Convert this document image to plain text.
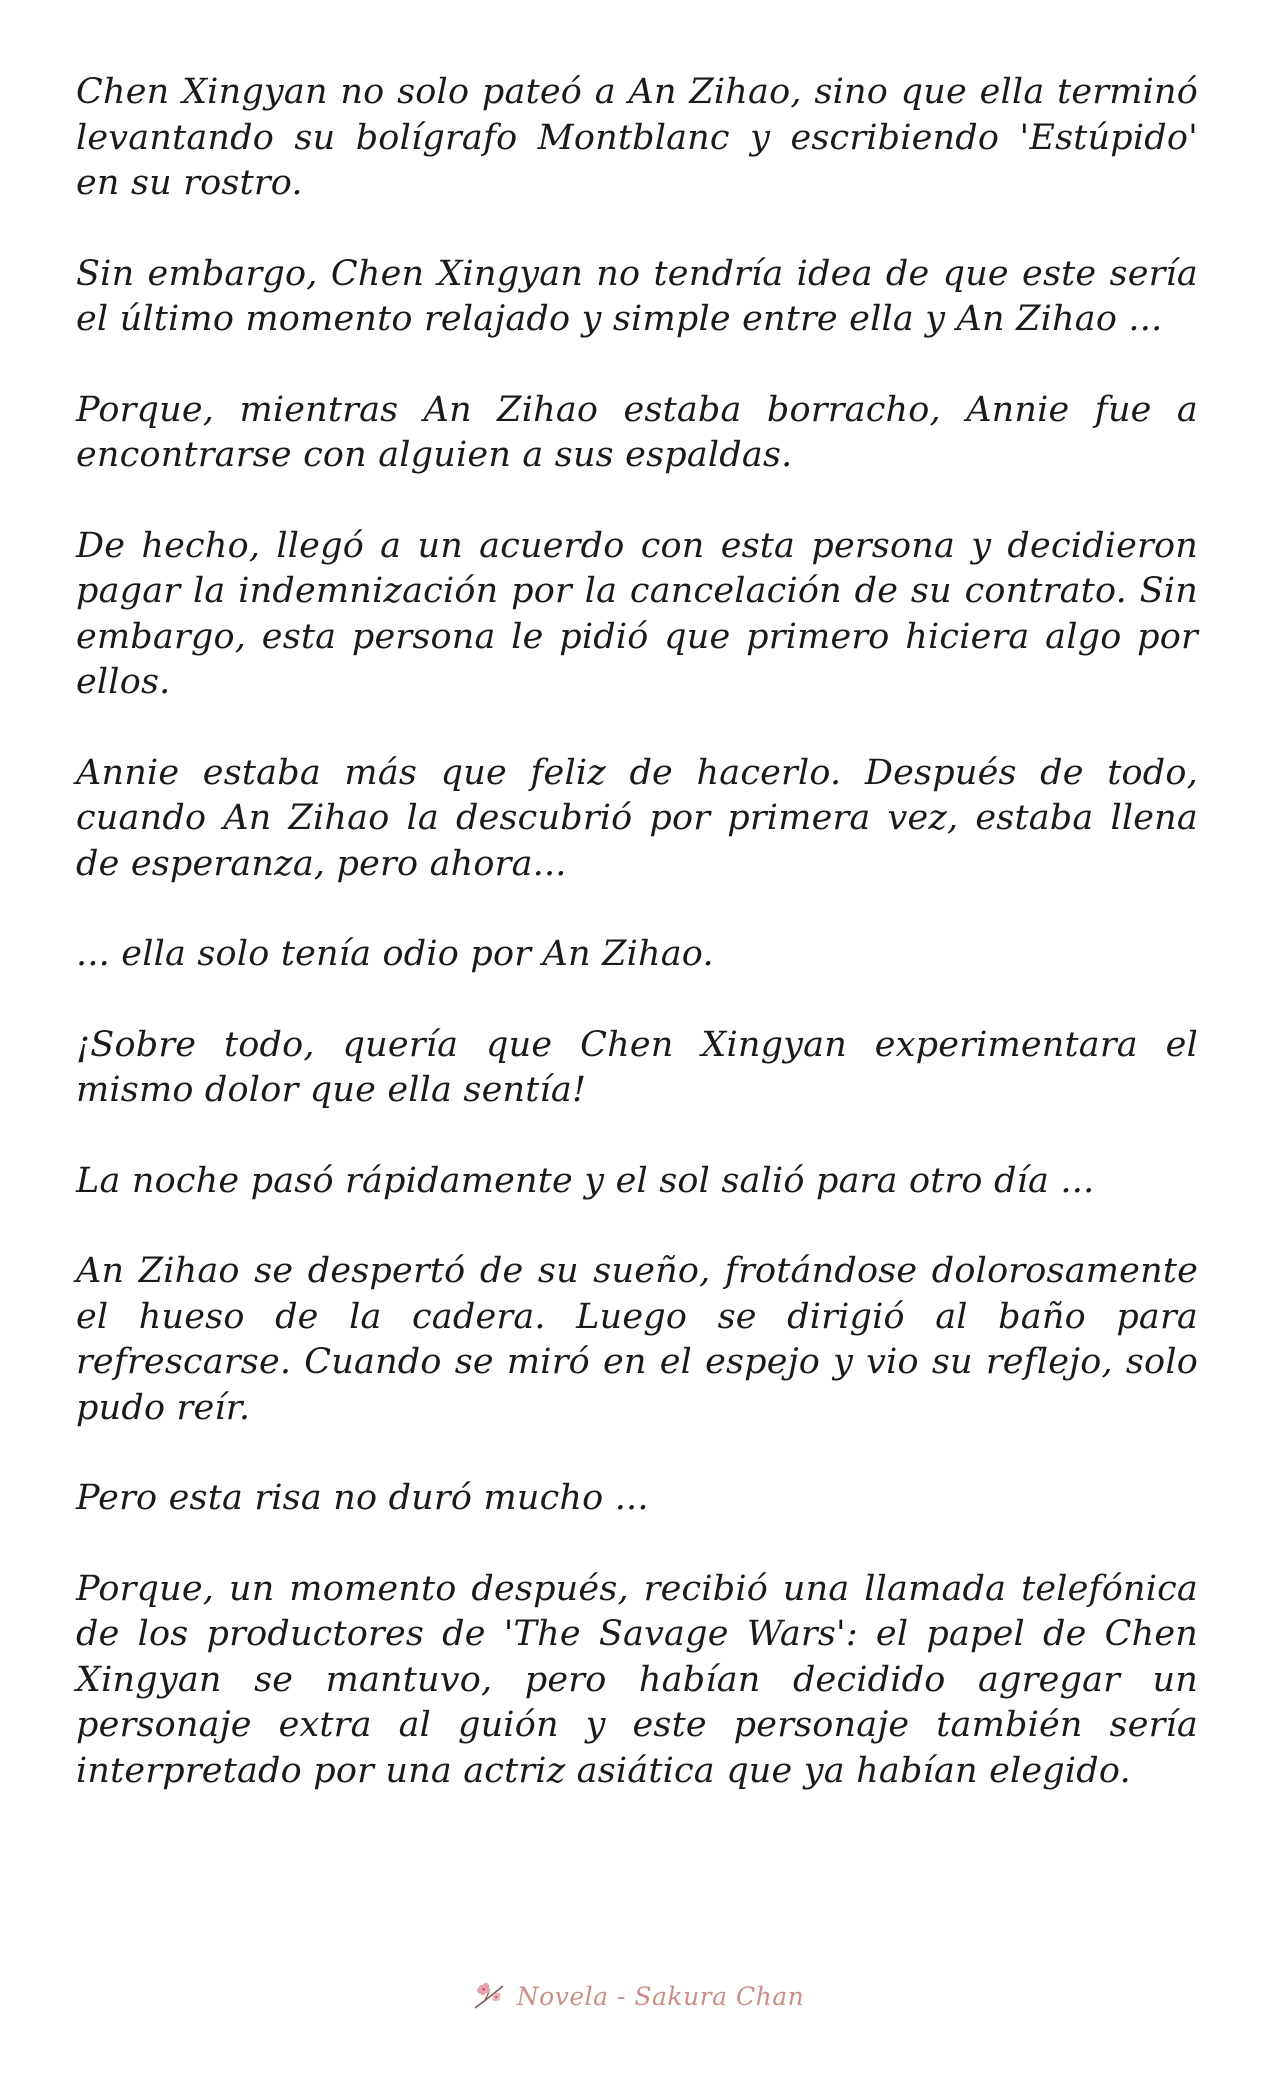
Chen Xingyan no solo pateó a An Zihao, sino que ella terminó levantando su bolígrafo Montblanc y escribiendo 'Estúpido' en su rostro.

Sin embargo, Chen Xingyan no tendría idea de que este sería el último momento relajado y simple entre ella y An Zihao ...

Porque, mientras An Zihao estaba borracho, Annie fue a encontrarse con alguien a sus espaldas.

De hecho, llegó a un acuerdo con esta persona y decidieron pagar la indemnización por la cancelación de su contrato. Sin embargo, esta persona le pidió que primero hiciera algo por ellos.

Annie estaba más que feliz de hacerlo. Después de todo, cuando An Zihao la descubrió por primera vez, estaba llena de esperanza, pero ahora...

... ella solo tenía odio por An Zihao.

¡Sobre todo, quería que Chen Xingyan experimentara el mismo dolor que ella sentía!

La noche pasó rápidamente y el sol salió para otro día ...

An Zihao se despertó de su sueño, frotándose dolorosamente el hueso de la cadera. Luego se dirigió al baño para refrescarse. Cuando se miró en el espejo y vio su reflejo, solo pudo reír.

Pero esta risa no duró mucho ...

Porque, un momento después, recibió una llamada telefónica de los productores de 'The Savage Wars': el papel de Chen Xingyan se mantuvo, pero habían decidido agregar un personaje extra al guión y este personaje también sería interpretado por una actriz asiática que ya habían elegido.

Novela - Sakura Chan
